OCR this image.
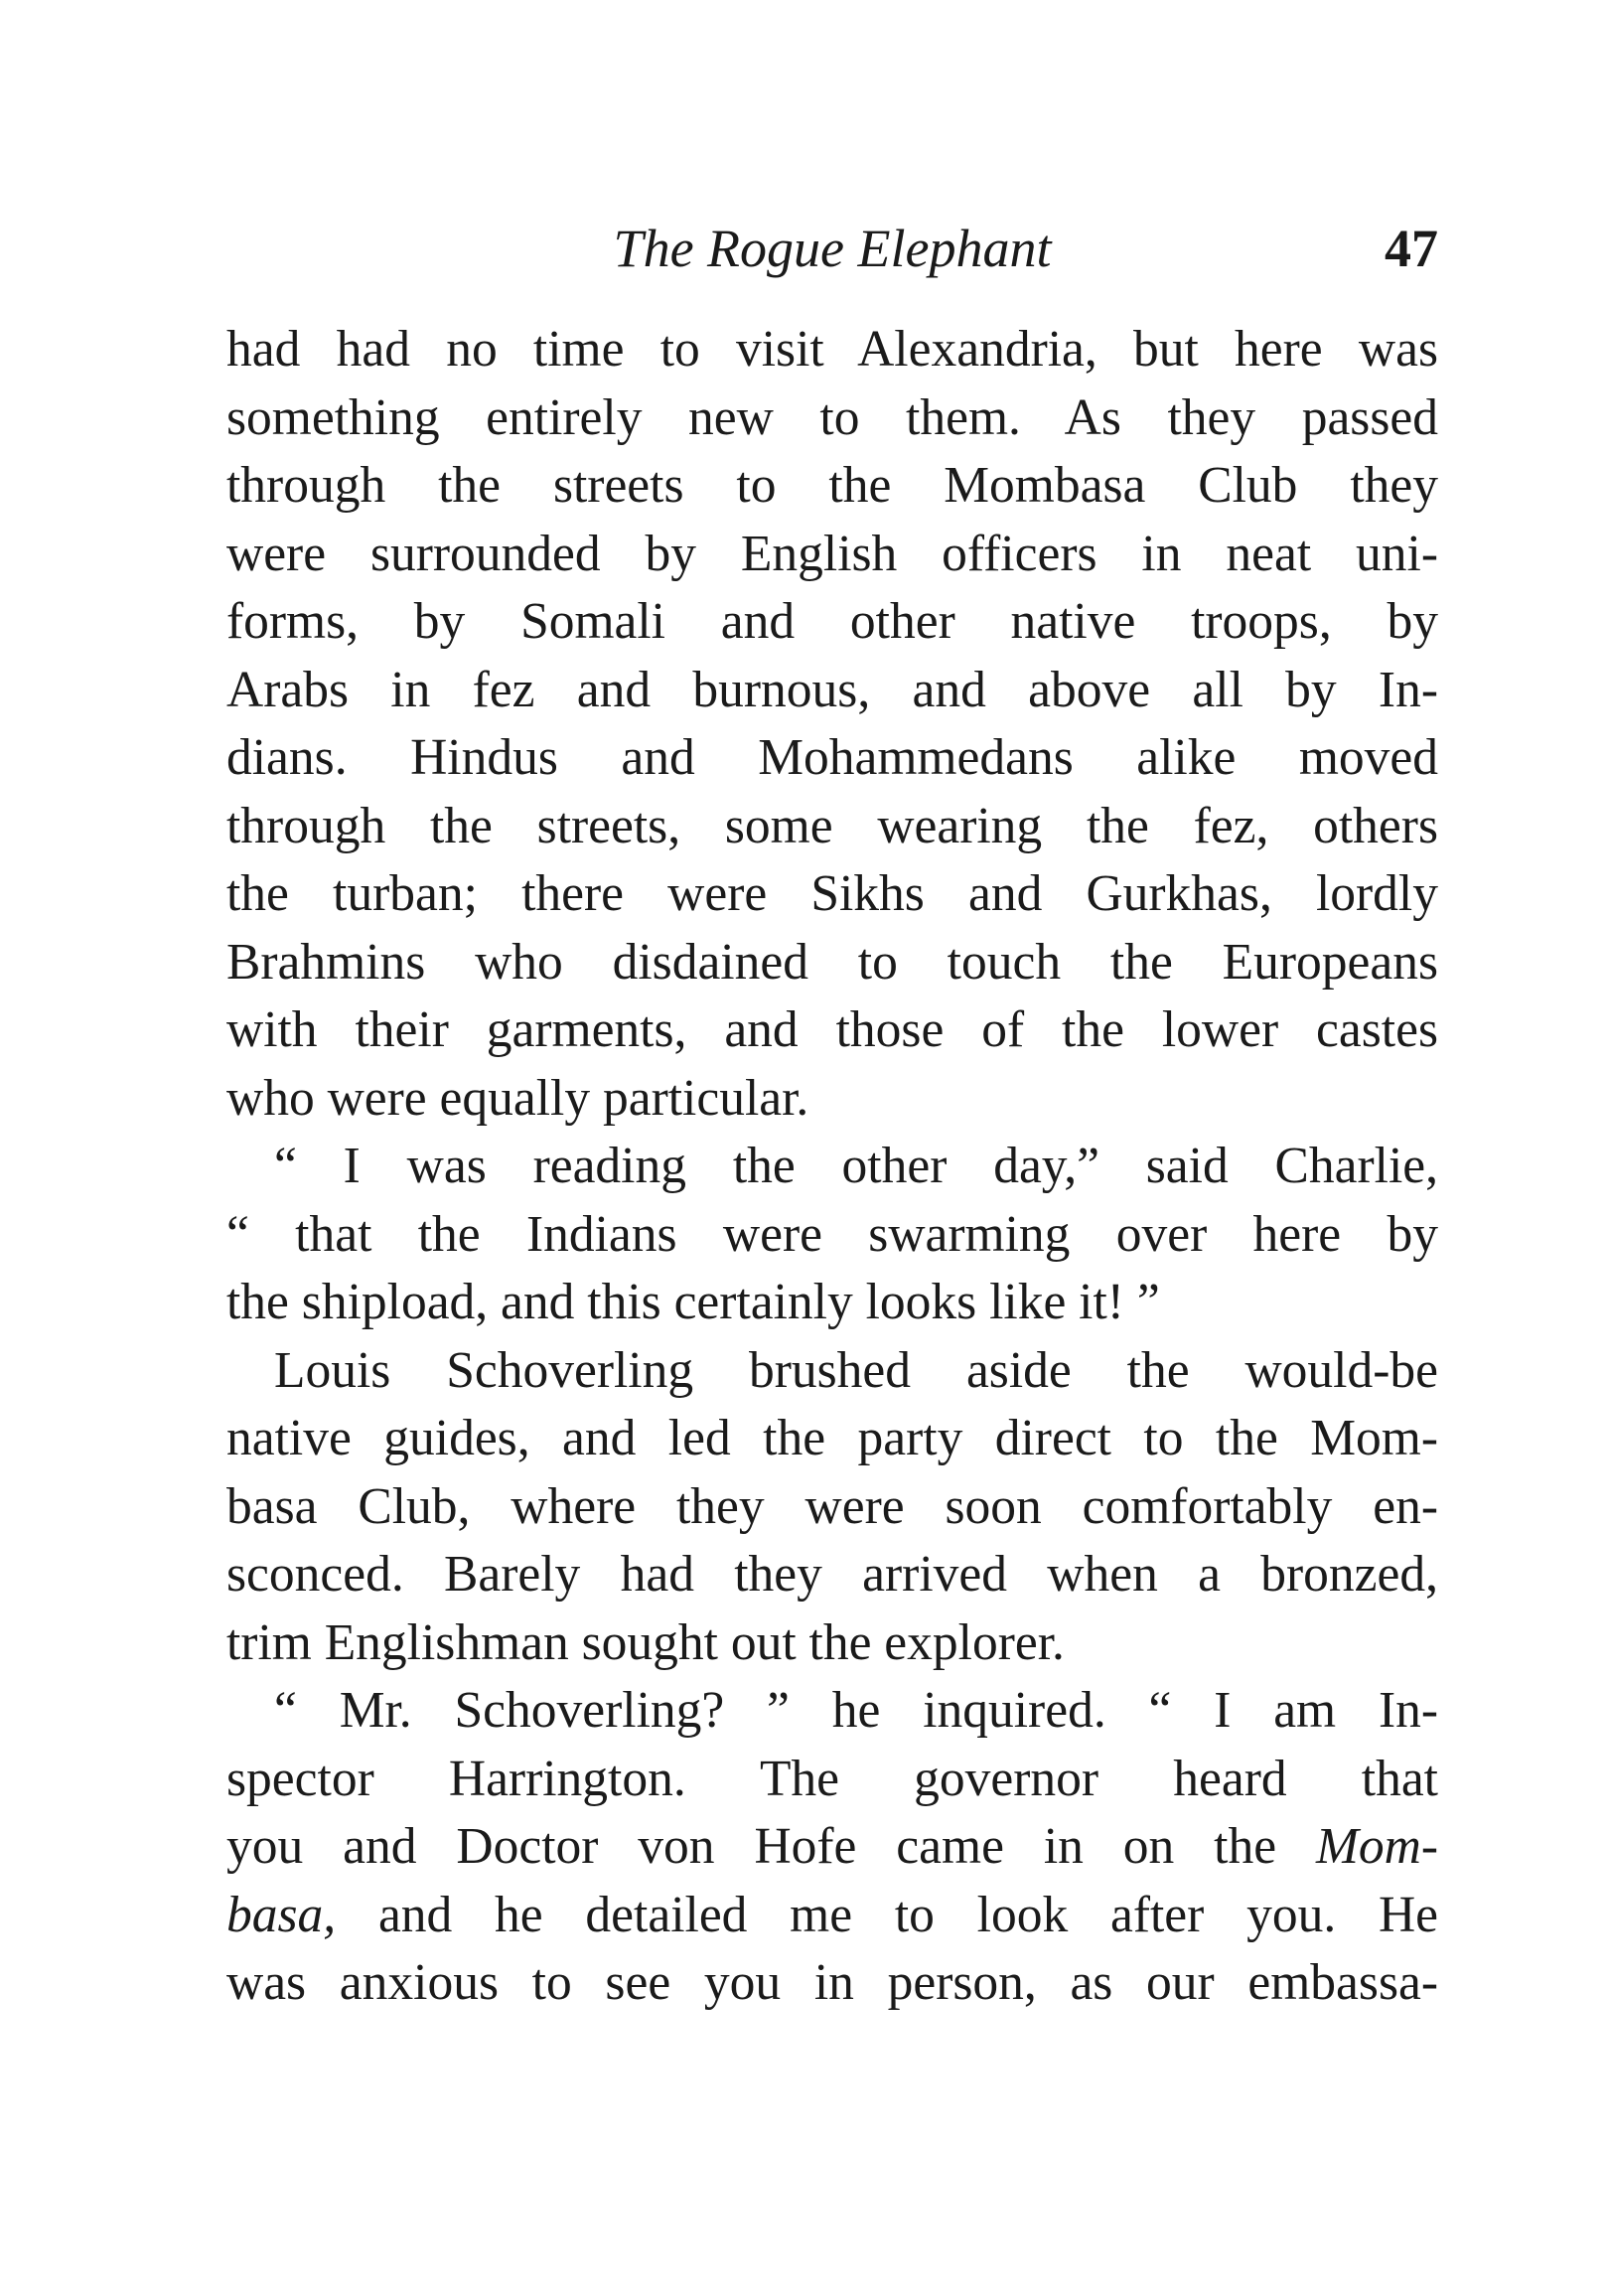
The Rogue Elephant	47
had had no time to visit Alexandria, but here was
something entirely new to them. As they passed
through the streets to the Mombasa Club they
were surrounded by English officers in neat uni-
forms, by Somali and other native troops, by
Arabs in fez and burnous, and above all by In-
dians. Hindus and Mohammedans alike moved
through the streets, some wearing the fez, others
the turban; there were Sikhs and Gurkhas, lordly
Brahmins who disdained to touch the Europeans
with their garments, and those of the lower castes
who were equally particular.
“ I was reading the other day,” said Charlie,
“ that the Indians were swarming over here by
the shipload, and this certainly looks like it! ”
Louis Schoverling brushed aside the would-be
native guides, and led the party direct to the Mom-
basa Club, where they were soon comfortably en-
sconced. Barely had they arrived when a bronzed,
trim Englishman sought out the explorer.
“ Mr. Schoverling? ” he inquired. “ I am In-
spector Harrington. The governor heard that
you and Doctor von Hofe came in on the Mom-
basa, and he detailed me to look after you. He
was anxious to see you in person, as our embassa-
